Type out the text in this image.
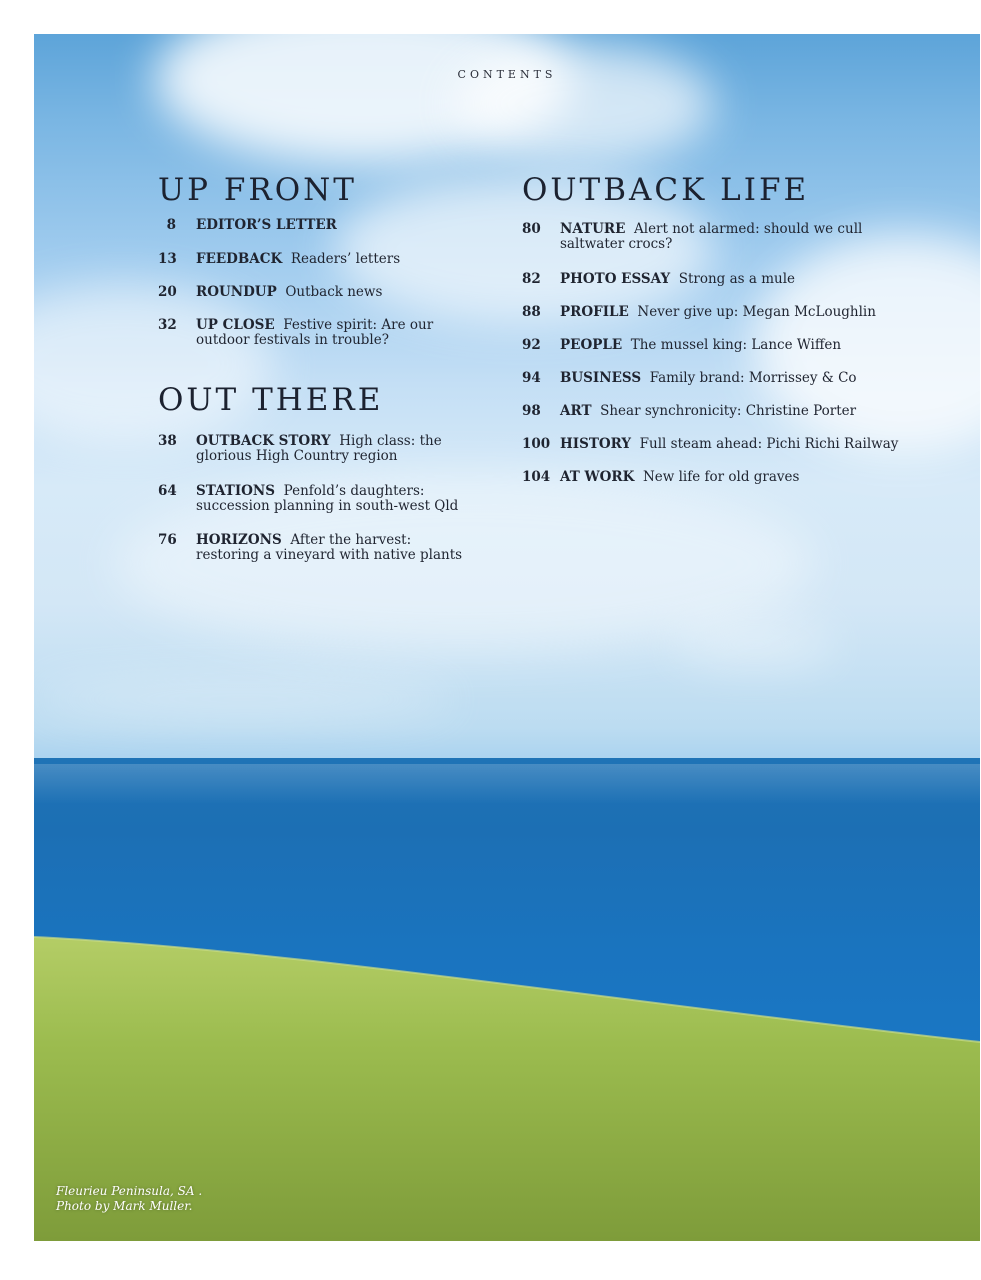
CONTENTS
UP FRONT
8 EDITOR’S LETTER
13 FEEDBACK Readers’ letters
20 ROUNDUP Outback news
32 UP CLOSE Festive spirit: Are our
outdoor festivals in trouble?
OUT THERE
38 OUTBACK STORY High class: the
glorious High Country region
64 STATIONS Penfold’s daughters:
succession planning in south-west Qld
76 HORIZONS After the harvest:
restoring a vineyard with native plants
OUTBACK LIFE
80 NATURE Alert not alarmed: should we cull
saltwater crocs?
82 PHOTO ESSAY Strong as a mule
88 PROFILE Never give up: Megan McLoughlin
92 PEOPLE The mussel king: Lance Wiffen
94 BUSINESS Family brand: Morrissey & Co
98 ART Shear synchronicity: Christine Porter
100 HISTORY Full steam ahead: Pichi Richi Railway
104 AT WORK New life for old graves
Fleurieu Peninsula, SA .
Photo by Mark Muller.
